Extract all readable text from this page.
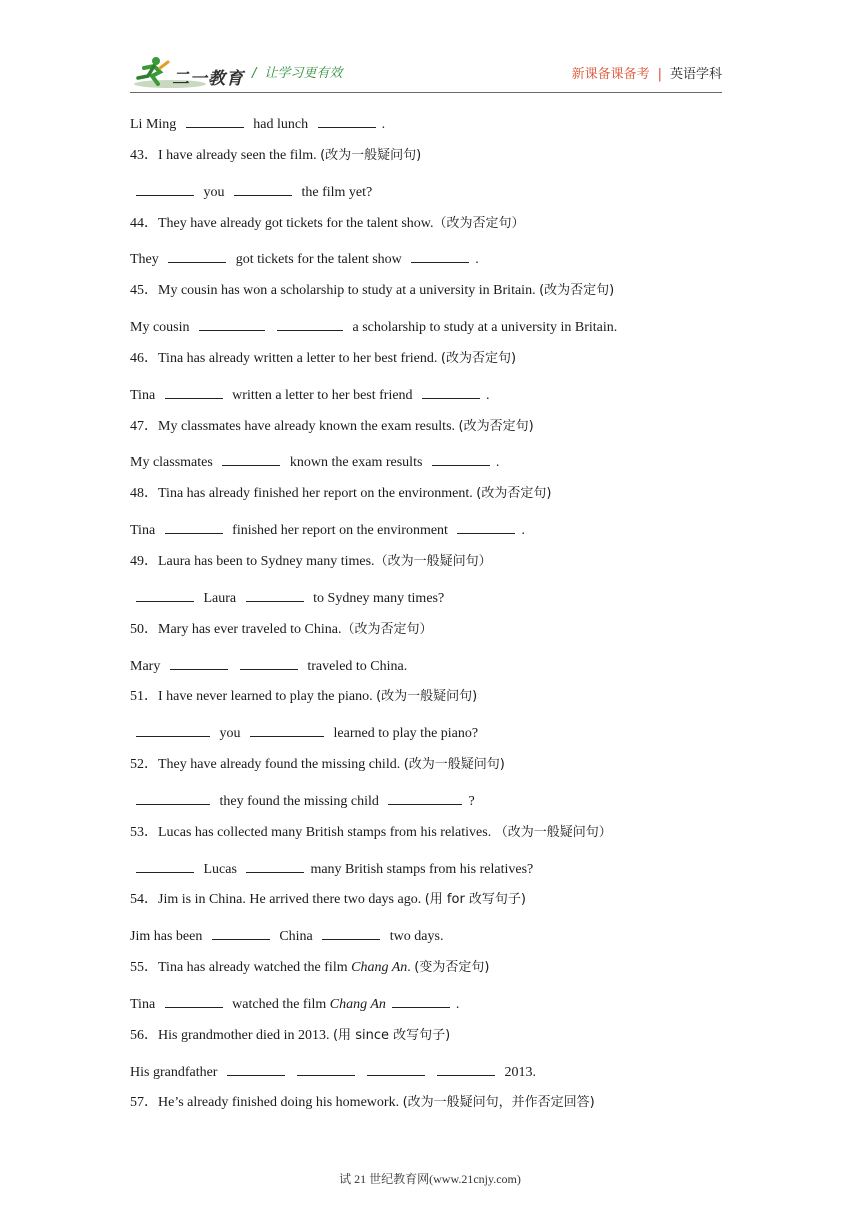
二一教育 / 让学习更有效	新课备课备考 | 英语学科
Li Ming	had lunch	.
43．I have already seen the film. (改为一般疑问句)
you	the film yet?
44．They have already got tickets for the talent show.（改为否定句）
They	got tickets for the talent show	.
45．My cousin has won a scholarship to study at a university in Britain. (改为否定句)
My cousin	a scholarship to study at a university in Britain.
46．Tina has already written a letter to her best friend. (改为否定句)
Tina	written a letter to her best friend	.
47．My classmates have already known the exam results. (改为否定句)
My classmates	known the exam results	.
48．Tina has already finished her report on the environment. (改为否定句)
Tina	finished her report on the environment	.
49．Laura has been to Sydney many times.（改为一般疑问句）
Laura	to Sydney many times?
50．Mary has ever traveled to China.（改为否定句）
Mary	traveled to China.
51．I have never learned to play the piano. (改为一般疑问句)
you	learned to play the piano?
52．They have already found the missing child. (改为一般疑问句)
they found the missing child	?
53．Lucas has collected many British stamps from his relatives. （改为一般疑问句）
Lucas	many British stamps from his relatives?
54．Jim is in China. He arrived there two days ago. (用 for 改写句子)
Jim has been	China	two days.
55．Tina has already watched the film Chang An. (变为否定句)
Tina	watched the film Chang An	.
56．His grandmother died in 2013. (用 since 改写句子)
His grandfather	2013.
57．He’s already finished doing his homework. (改为一般疑问句，并作否定回答)
试 21 世纪教育网(www.21cnjy.com)
